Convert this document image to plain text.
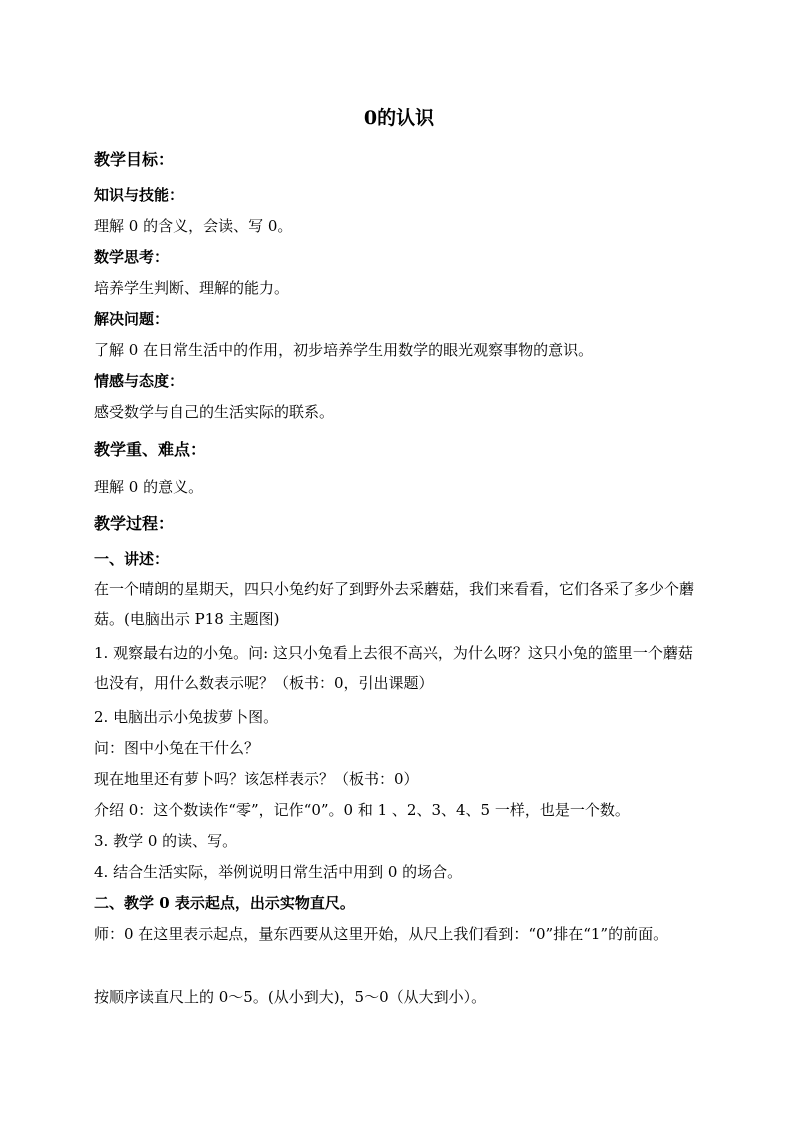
0的认识
教学目标：
知识与技能：
理解 0 的含义，会读、写 0。
数学思考：
培养学生判断、理解的能力。
解决问题：
了解 0 在日常生活中的作用，初步培养学生用数学的眼光观察事物的意识。
情感与态度：
感受数学与自己的生活实际的联系。
教学重、难点：
理解 0 的意义。
教学过程：
一、讲述：
在一个晴朗的星期天，四只小兔约好了到野外去采蘑菇，我们来看看，它们各采了多少个蘑菇。(电脑出示 P18 主题图)
1. 观察最右边的小兔。问: 这只小兔看上去很不高兴，为什么呀？这只小兔的篮里一个蘑菇也没有，用什么数表示呢？（板书：0，引出课题）
2. 电脑出示小兔拔萝卜图。
问：图中小兔在干什么？
现在地里还有萝卜吗？该怎样表示？（板书：0）
介绍 0：这个数读作“零”，记作“0”。0 和 1 、2、3、4、5 一样，也是一个数。
3. 教学 0 的读、写。
4. 结合生活实际，举例说明日常生活中用到 0 的场合。
二、教学 0 表示起点，出示实物直尺。
师：0 在这里表示起点，量东西要从这里开始，从尺上我们看到：“0”排在“1”的前面。
按顺序读直尺上的 0～5。(从小到大)，5～0（从大到小）。
